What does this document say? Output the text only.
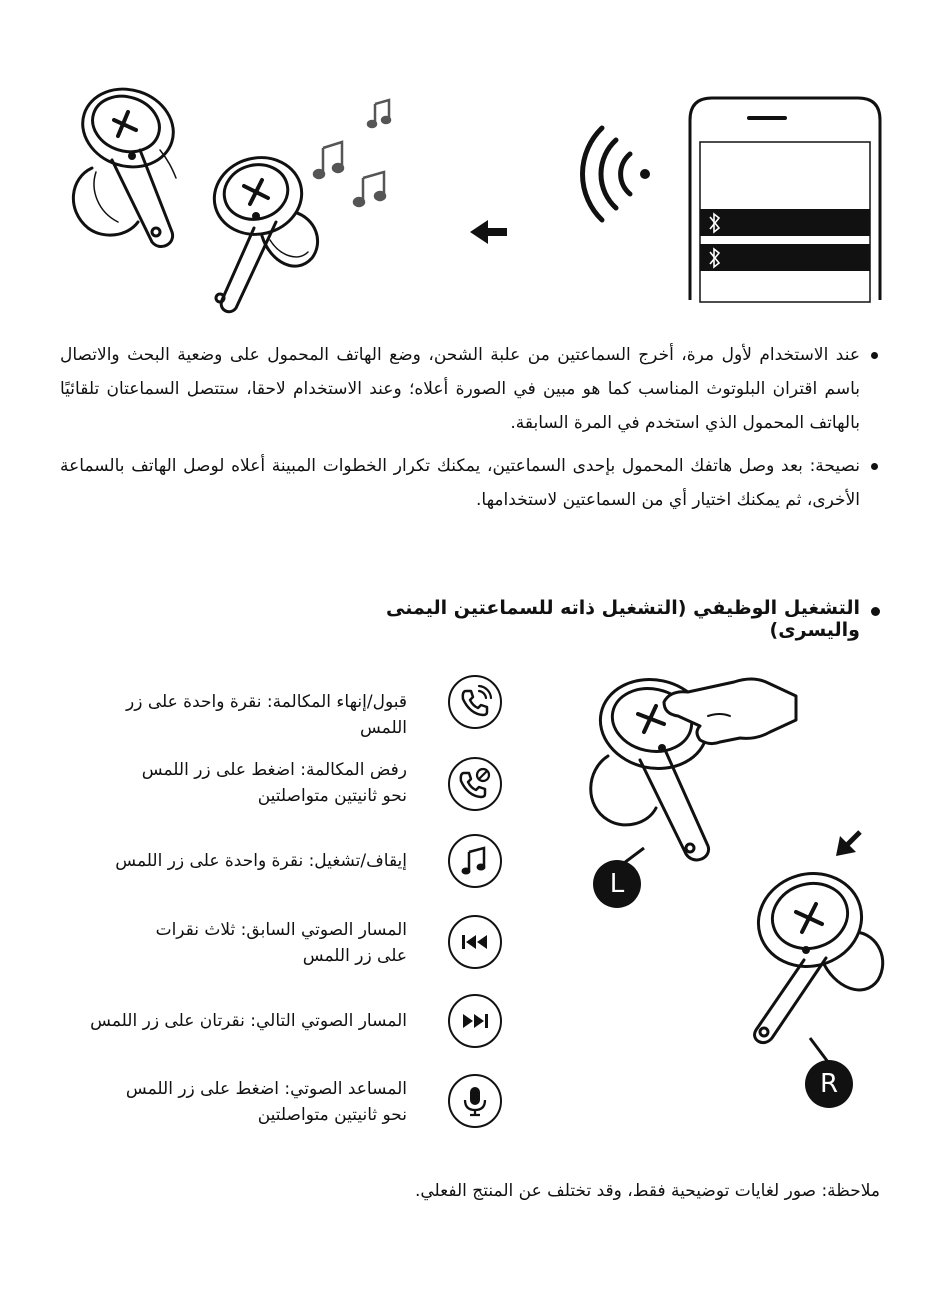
عند الاستخدام لأول مرة، أخرج السماعتين من علبة الشحن، وضع الهاتف المحمول على وضعية البحث والاتصال باسم اقتران البلوتوث المناسب كما هو مبين في الصورة أعلاه؛ وعند الاستخدام لاحقا، ستتصل السماعتان تلقائيًا بالهاتف المحمول الذي استخدم في المرة السابقة.
نصيحة: بعد وصل هاتفك المحمول بإحدى السماعتين، يمكنك تكرار الخطوات المبينة أعلاه لوصل الهاتف بالسماعة الأخرى، ثم يمكنك اختيار أي من السماعتين لاستخدامها.
التشغيل الوظيفي (التشغيل ذاته للسماعتين اليمنى واليسرى)
قبول/إنهاء المكالمة: نقرة واحدة على زر اللمس
رفض المكالمة: اضغط على زر اللمس
نحو ثانيتين متواصلتين
إيقاف/تشغيل: نقرة واحدة على زر اللمس
المسار الصوتي السابق: ثلاث نقرات
على زر اللمس
المسار الصوتي التالي: نقرتان على زر اللمس
المساعد الصوتي: اضغط على زر اللمس
نحو ثانيتين متواصلتين
L
R
ملاحظة: صور لغايات توضيحية فقط، وقد تختلف عن المنتج الفعلي.
